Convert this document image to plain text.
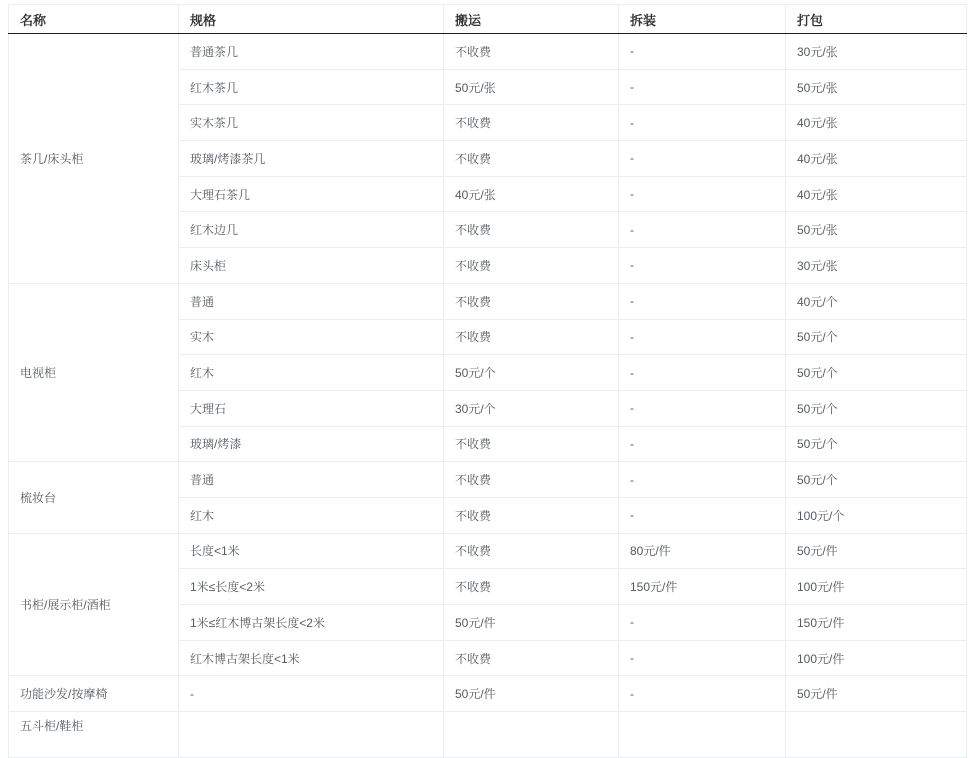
名称	规格	搬运	拆装	打包
茶几/床头柜	普通茶几	不收费	-	30元/张
	红木茶几	50元/张	-	50元/张
	实木茶几	不收费	-	40元/张
	玻璃/烤漆茶几	不收费	-	40元/张
	大理石茶几	40元/张	-	40元/张
	红木边几	不收费	-	50元/张
	床头柜	不收费	-	30元/张
电视柜	普通	不收费	-	40元/个
	实木	不收费	-	50元/个
	红木	50元/个	-	50元/个
	大理石	30元/个	-	50元/个
	玻璃/烤漆	不收费	-	50元/个
梳妆台	普通	不收费	-	50元/个
	红木	不收费	-	100元/个
书柜/展示柜/酒柜	长度<1米	不收费	80元/件	50元/件
	1米≤长度<2米	不收费	150元/件	100元/件
	1米≤红木博古架长度<2米	50元/件	-	150元/件
	红木博古架长度<1米	不收费	-	100元/件
功能沙发/按摩椅	-	50元/件	-	50元/件
五斗柜/鞋柜				
